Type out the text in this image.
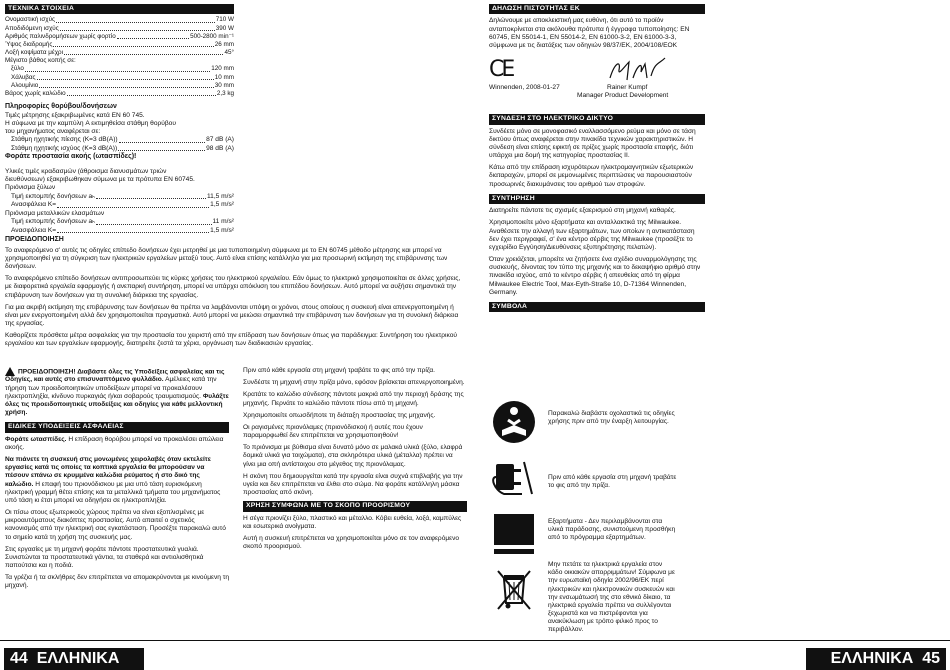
ΤΕΧΝΙΚΑ ΣΤΟΙΧΕΙΑ
Ονομαστική ισχύς	710 W
Αποδιδόμενη ισχύς	390 W
Αριθμός παλινδρομήσεων χωρίς φορτίο	500-2800 min⁻¹
Ύψος διαδρομής	26 mm
Λοξή κοψίματα μέχρι	45°
Μέγιστο βάθος κοπής σε:
ξύλο	120 mm
Χάλυβας	10 mm
Αλουμίνιο	30 mm
Βάρος χωρίς καλώδιο	2,3 kg
Πληροφορίες θορύβου/δονήσεων
Τιμές μέτρησης εξακριβωμένες κατά EN 60 745.
Η σύφωνα με την καμπύλη A εκτιμηθείσα στάθμη θορύβου
του μηχανήματος αναφέρεται σε:
Στάθμη ηχητικής πίεσης (K=3 dB(A))	87 dB (A)
Στάθμη ηχητικής ισχύος (K=3 dB(A))	98 dB (A)
Φοράτε προστασία ακοής (ωτασπίδες)!
Υλικές τιμές κραδασμών (άθροισμα διανυσμάτων τριών
διευθύνσεων) εξακριβωθηκαν σύμωνα με τα πρότυπα EN 60745.
Πριόνισμα ξύλων
Τιμή εκπομπής δονήσεων aₕ	11,5 m/s²
Ανασφάλεια K=	1,5 m/s²
Πριόνισμα μεταλλικών ελασμάτων
Τιμή εκπομπής δονήσεων aₕ	11 m/s²
Ανασφάλεια K=	1,5 m/s²
ΠΡΟΕΙΔΟΠΟΙΗΣΗ

Το αναφερόμενο σ' αυτές τις οδηγίες επίπεδο δονήσεων έχει μετρηθεί με μια τυποποιημένη σύμφωνα με το EN 60745 μέθοδο μέτρησης και μπορεί να χρησιμοποιηθεί για τη σύγκριση των ηλεκτρικών εργαλείων μεταξύ τους. Αυτό είναι επίσης κατάλληλο για μια προσωρινή εκτίμηση της επιβάρυνσης των δονήσεων.

Το αναφερόμενο επίπεδο δονήσεων αντιπροσωπεύει τις κύριες χρήσεις του ηλεκτρικού εργαλείου. Εάν όμως το ηλεκτρικό χρησιμοποιείται σε άλλες χρήσεις, με διαφορετικά εργαλεία εφαρμογής ή ανεπαρκή συντήρηση, μπορεί να υπάρχει απόκλιση του επιπέδου δονήσεων. Αυτό μπορεί να αυξήσει σημαντικά την επιβάρυνση των δονήσεων για τη συνολική διάρκεια της εργασίας.

Για μια ακριβή εκτίμηση της επιβάρυνσης των δονήσεων θα πρέπει να λαμβάνονται υπόψη οι χρόνοι, στους οποίους η συσκευή είναι απενεργοποιημένη ή είναι μεν ενεργοποιημένη αλλά δεν χρησιμοποιείται πραγματικά. Αυτό μπορεί να μειώσει σημαντικά την επιβάρυνση των δονήσεων για τη συνολική διάρκεια της εργασίας.

Καθορίζετε πρόσθετα μέτρα ασφαλείας για την προστασία του χειριστή από την επίδραση των δονήσεων όπως για παράδειγμα: Συντήρηση του ηλεκτρικού εργαλείου και των εργαλείων εφαρμογής, διατηρείτε ζεστά τα χέρια, οργάνωση των διαδικασιών εργασίας.

ΠΡΟΕΙΔΟΠΟΙΗΣΗ! Διαβάστε όλες τις Υποδείξεις ασφαλείας και τις Οδηγίες, και αυτές στο επισυναπτόμενο φυλλάδιο. Αμέλειες κατά την τήρηση των προειδοποιητικών υποδείξεων μπορεί να προκαλέσουν ηλεκτροπληξία, κίνδυνο πυρκαγιάς ή/και σοβαρούς τραυματισμούς. Φυλάξτε όλες τις προειδοποιητικές υποδείξεις και οδηγίες για κάθε μελλοντική χρήση.

ΕΙΔΙΚΕΣ ΥΠΟΔΕΙΞΕΙΣ ΑΣΦΑΛΕΙΑΣ

Φοράτε ωτασπίδες. Η επίδραση θορύβου μπορεί να προκαλέσει απώλεια ακοής.

Να πιάνετε τη συσκευή στις μονωμένες χειρολαβές όταν εκτελείτε εργασίες κατά τις οποίες τα κοπτικά εργαλεία θα μπορούσαν να πέσουν επάνω σε κρυμμένα καλώδια ρεύματος ή στο δικό της καλώδιο. Η επαφή του πριονόδισκου με μια υπό τάση ευρισκόμενη ηλεκτρική γραμμή θέτει επίσης και τα μεταλλικά τμήματα του μηχανήματος υπό τάση κι έτσι μπορεί να οδηγήσει σε ηλεκτροπληξία.

Οι πίσω στους εξωτερικούς χώρους πρέπει να είναι εξοπλισμένες με μικροαυτόματους διακόπτες προστασίας. Αυτό απαιτεί ο σχετικός κανονισμός από την ηλεκτρική σας εγκατάσταση. Προσέξτε παρακαλώ αυτό το σημείο κατά τη χρήση της συσκευής μας.

Στις εργασίες με τη μηχανή φοράτε πάντοτε προστατευτικά γυαλιά. Συνιστώνται τα προστατευτικά γάντια, τα σταθερά και αντιολισθητικά παπούτσια και η ποδιά.

Τα γρέζια ή τα σκλήθρες δεν επιτρέπεται να απομακρύνονται με κινούμενη τη μηχανή.

Πριν από κάθε εργασία στη μηχανή τραβάτε το φις από την πρίζα.

Συνδέστε τη μηχανή στην πρίζα μόνο, εφόσον βρίσκεται απενεργοποιημένη.

Κρατάτε το καλώδιο σύνδεσης πάντοτε μακριά από την περιοχή δράσης της μηχανής. Περνάτε το καλώδιο πάντοτε πίσω από τη μηχανή.

Χρησιμοποιείτε οπωσδήποτε τη διάταξη προστασίας της μηχανής.

Οι ραγισμένες πριονόλαμες (πριονόδισκοι) ή αυτές που έχουν παραμορφωθεί δεν επιτρέπεται να χρησιμοποιηθούν!

Το πριόνισμα με βύθισμα είναι δυνατό μόνο σε μαλακά υλικά (ξύλο, ελαφρά δομικά υλικά για τοιχώματα), στα σκληρότερα υλικά (μέταλλα) πρέπει να γίνει μια οπή αντίστοιχου στο μέγεθος της πριονόλαμας.

Η σκόνη που δημιουργείται κατά την εργασία είναι συχνά επιβλαβής για την υγεία και δεν επιτρέπεται να έλθει στο σώμα. Να φοράτε κατάλληλη μάσκα προστασίας από σκόνη.

ΧΡΗΣΗ ΣΥΜΦΩΝΑ ΜΕ ΤΟ ΣΚΟΠΟ ΠΡΟΟΡΙΣΜΟΥ

Η σέγα πριονίζει ξύλο, πλαστικό και μέταλλο. Κόβει ευθεία, λοξά, καμπύλες και εσωτερικά ανοίγματα.

Αυτή η συσκευή επιτρέπεται να χρησιμοποιείται μόνο σε τον αναφερόμενο σκοπό προορισμού.

44 ΕΛΛΗΝΙΚΑ
ΔΗΛΩΣΗ ΠΙΣΤΟΤΗΤΑΣ ΕΚ

Δηλώνουμε με αποκλειστική μας ευθύνη, ότι αυτό το προϊόν ανταποκρίνεται στα ακόλουθα πρότυπα ή έγγραφα τυποποίησης: EN 60745, EN 55014-1, EN 55014-2, EN 61000-3-2, EN 61000-3-3, σύμφωνα με τις διατάξεις των οδηγιών 98/37/EK, 2004/108/EOK

CE
Winnenden, 2008-01-27	Rainer Kumpf
Manager Product Development
ΣΥΝΔΕΣΗ ΣΤΟ ΗΛΕΚΤΡΙΚΟ ΔΙΚΤΥΟ

Συνδέετε μόνο σε μονοφασικό εναλλασσόμενο ρεύμα και μόνο σε τάση δικτύου όπως αναφέρεται στην πινακίδα τεχνικών χαρακτηριστικών. Η σύνδεση είναι επίσης εφικτή σε πρίζες χωρίς προστασία επαφής, διότι υπάρχει μια δομή της κατηγορίας προστασίας ΙΙ.

Κάτω από την επίδραση ισχυρότερων ηλεκτρομαγνητικών εξωτερικών διαταραχών, μπορεί σε μεμονωμένες περιπτώσεις να παρουσιαστούν προσωρινές διακυμάνσεις του αριθμού των στροφών.

ΣΥΝΤΗΡΗΣΗ

Διατηρείτε πάντοτε τις σχισμές εξαερισμού στη μηχανή καθαρές.

Χρησιμοποιείτε μόνο εξαρτήματα και ανταλλακτικά της Milwaukee. Αναθέσετε την αλλαγή των εξαρτημάτων, των οποίων η αντικατάσταση δεν έχει περιγραφεί, σ' ένα κέντρο σέρβις της Milwaukee (προσέξτε το εγχειρίδιο Εγγύηση/Διευθύνσεις εξυπηρέτησης πελατών).

Όταν χρειάζεται, μπορείτε να ζητήσετε ένα σχέδιο συναρμολόγησης της συσκευής, δίνοντας τον τύπο της μηχανής και το δεκαψήφιο αριθμό στην πινακίδα ισχύος, από το κέντρο σέρβις ή απευθείας από τη φίρμα Milwaukee Electric Tool, Max-Eyth-Straße 10, D-71364 Winnenden, Germany.

ΣΥΜΒΟΛΑ
Παρακαλώ διαβάστε οχολαστικά τις οδηγίες χρήσης πριν από την έναρξη λειτουργίας.
Πριν από κάθε εργασία στη μηχανή τραβάτε το φις από την πρίζα.
Εξαρτήματα - Δεν περιλαμβάνονται στα υλικά παράδοσης, συνιστούμενη προσθήκη από το πρόγραμμα εξαρτημάτων.
Μην πετάτε τα ηλεκτρικά εργαλεία στον κάδο οικιακών απορριμμάτων! Σύμφωνα με την ευρωπαϊκή οδηγία 2002/96/ΕΚ περί ηλεκτρικών και ηλεκτρονικών συσκευών και την ενσωμάτωσή της στο εθνικό δίκαιο, τα ηλεκτρικά εργαλεία πρέπει να συλλέγονται ξεχωριστά και να πιστρέφονται για ανακύκλωση με τρόπο φιλικό προς το περιβάλλον.
ΕΛΛΗΝΙΚΑ 45
